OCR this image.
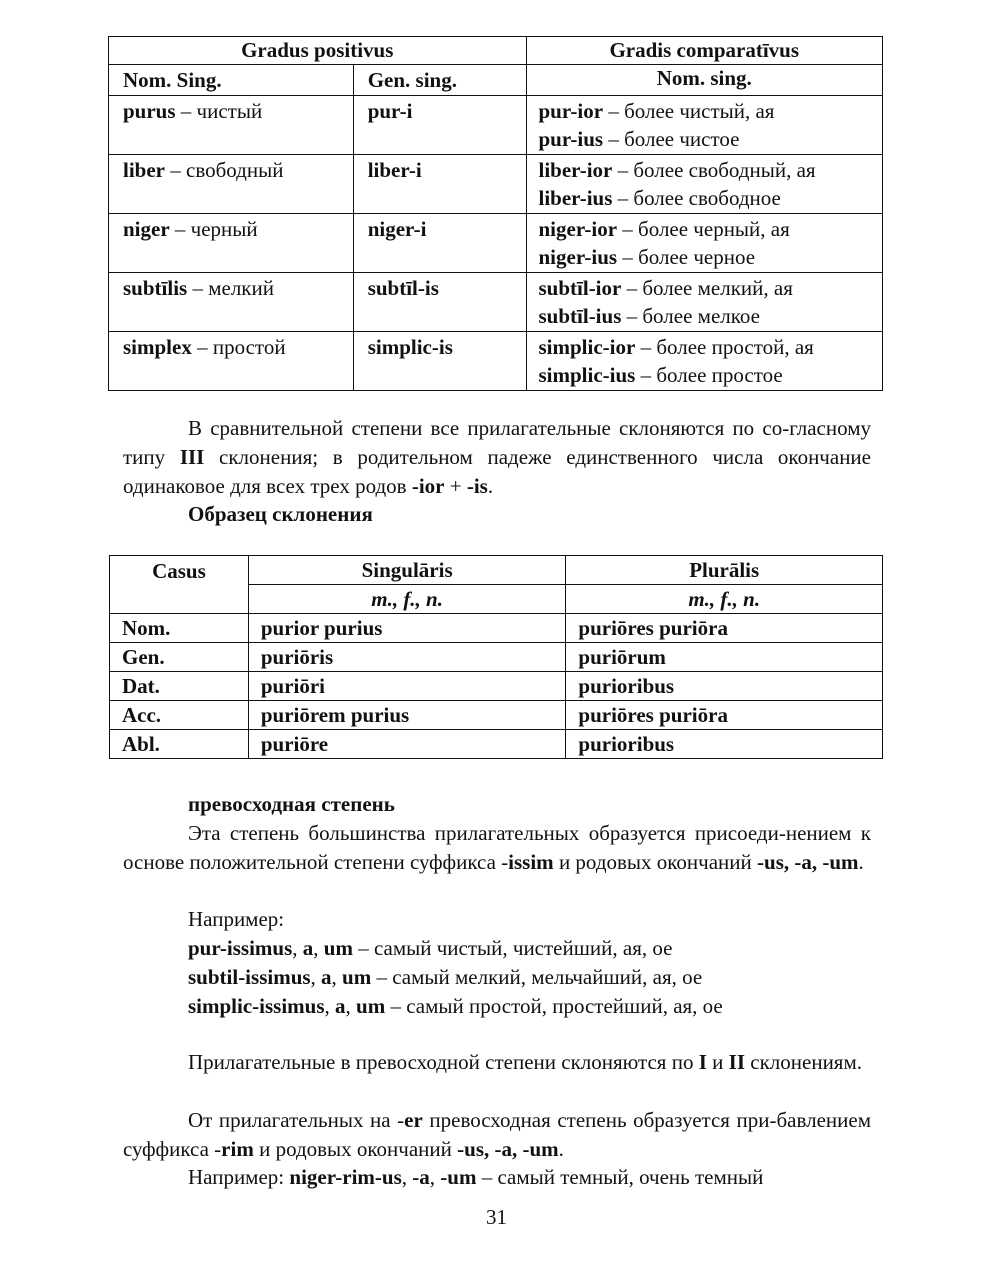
Gradus positivus		Gradis comparatīvus
Nom. Sing.	Gen. sing.	Nom. sing.
purus – чистый	pur-i	pur-ior – более чистый, ая
pur-ius – более чистое
liber – свободный	liber-i	liber-ior – более свободный, ая
liber-ius – более свободное
niger – черный	niger-i	niger-ior – более черный, ая
niger-ius – более черное
subtīlis – мелкий	subtīl-is	subtīl-ior – более мелкий, ая
subtīl-ius – более мелкое
simplex – простой	simplic-is	simplic-ior – более простой, ая
simplic-ius – более простое

В сравнительной степени все прилагательные склоняются по со-гласному типу III склонения; в родительном падеже единственного числа окончание одинаковое для всех трех родов -ior + -is.

Образец склонения

Casus	Singulāris	Plurālis
	m., f., n.	m., f., n.
Nom.	purior purius	puriōres puriōra
Gen.	puriōris	puriōrum
Dat.	puriōri	purioribus
Acc.	puriōrem purius	puriōres puriōra
Abl.	puriōre	purioribus

превосходная степень

Эта степень большинства прилагательных образуется присоеди-нением к основе положительной степени суффикса -issim и родовых окончаний -us, -a, -um.

Например:

pur-issimus, a, um – самый чистый, чистейший, ая, ое

subtil-issimus, a, um – самый мелкий, мельчайший, ая, ое

simplic-issimus, a, um – самый простой, простейший, ая, ое

Прилагательные в превосходной степени склоняются по I и II склонениям.

От прилагательных на -er превосходная степень образуется при-бавлением суффикса -rim и родовых окончаний -us, -a, -um.

Например: niger-rim-us, -a, -um – самый темный, очень темный

31
